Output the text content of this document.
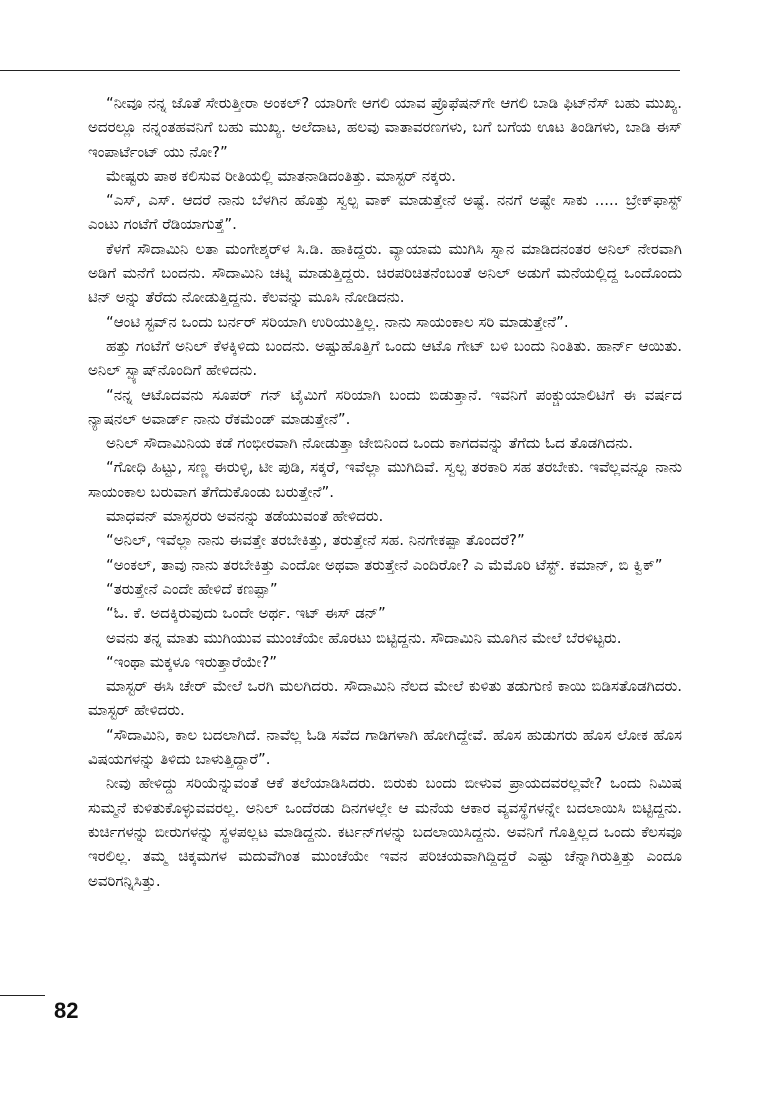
“ನೀವೂ ನನ್ನ ಜೊತೆ ಸೇರುತ್ತೀರಾ ಅಂಕಲ್? ಯಾರಿಗೇ ಆಗಲಿ ಯಾವ ಪ್ರೊಫೆಷನ್‌ಗೇ ಆಗಲಿ ಬಾಡಿ ಫಿಟ್‌ನೆಸ್ ಬಹು ಮುಖ್ಯ. ಅದರಲ್ಲೂ ನನ್ನಂತಹವನಿಗೆ ಬಹು ಮುಖ್ಯ. ಅಲೆದಾಟ, ಹಲವು ವಾತಾವರಣಗಳು, ಬಗೆ ಬಗೆಯ ಊಟ ತಿಂಡಿಗಳು, ಬಾಡಿ ಈಸ್ ಇಂಪಾರ್ಟೆಂಟ್ ಯು ನೋ?”

ಮೇಷ್ಟರು ಪಾಠ ಕಲಿಸುವ ರೀತಿಯಲ್ಲಿ ಮಾತನಾಡಿದಂತಿತ್ತು. ಮಾಸ್ಟರ್ ನಕ್ಕರು.

“ಎಸ್, ಎಸ್. ಆದರೆ ನಾನು ಬೆಳಗಿನ ಹೊತ್ತು ಸ್ವಲ್ಪ ವಾಕ್ ಮಾಡುತ್ತೇನೆ ಅಷ್ಟೆ. ನನಗೆ ಅಷ್ಟೇ ಸಾಕು ..... ಬ್ರೇಕ್‌ಫಾಸ್ಟ್ ಎಂಟು ಗಂಟೆಗೆ ರೆಡಿಯಾಗುತ್ತೆ”.

ಕೆಳಗೆ ಸೌದಾಮಿನಿ ಲತಾ ಮಂಗೇಶ್ಕರ್‌ಳ ಸಿ.ಡಿ. ಹಾಕಿದ್ದರು. ವ್ಯಾಯಾಮ ಮುಗಿಸಿ ಸ್ನಾನ ಮಾಡಿದನಂತರ ಅನಿಲ್ ನೇರವಾಗಿ ಅಡಿಗೆ ಮನೆಗೆ ಬಂದನು. ಸೌದಾಮಿನಿ ಚಟ್ನಿ ಮಾಡುತ್ತಿದ್ದರು. ಚಿರಪರಿಚಿತನೆಂಬಂತೆ ಅನಿಲ್ ಅಡುಗೆ ಮನೆಯಲ್ಲಿದ್ದ ಒಂದೊಂದು ಟಿನ್ ಅನ್ನು ತೆರೆದು ನೋಡುತ್ತಿದ್ದನು. ಕೆಲವನ್ನು ಮೂಸಿ ನೋಡಿದನು.

“ಆಂಟಿ ಸ್ಟವ್‌ನ ಒಂದು ಬರ್ನರ್ ಸರಿಯಾಗಿ ಉರಿಯುತ್ತಿಲ್ಲ. ನಾನು ಸಾಯಂಕಾಲ ಸರಿ ಮಾಡುತ್ತೇನೆ”.

ಹತ್ತು ಗಂಟೆಗೆ ಅನಿಲ್ ಕೆಳಕ್ಕಿಳಿದು ಬಂದನು. ಅಷ್ಟುಹೊತ್ತಿಗೆ ಒಂದು ಆಟೊ ಗೇಟ್ ಬಳಿ ಬಂದು ನಿಂತಿತು. ಹಾರ್ನ್ ಆಯಿತು. ಅನಿಲ್ ಸ್ಪ್ಯಾಷ್‌ನೊಂದಿಗೆ ಹೇಳಿದನು.

“ನನ್ನ ಆಟೊದವನು ಸೂಪರ್ ಗನ್ ಟೈಮಿಗೆ ಸರಿಯಾಗಿ ಬಂದು ಬಿಡುತ್ತಾನೆ. ಇವನಿಗೆ ಪಂಕ್ಚುಯಾಲಿಟಿಗೆ ಈ ವರ್ಷದ ನ್ಯಾಷನಲ್ ಅವಾರ್ಡ್ ನಾನು ರೆಕಮೆಂಡ್ ಮಾಡುತ್ತೇನೆ”.

ಅನಿಲ್ ಸೌದಾಮಿನಿಯ ಕಡೆ ಗಂಭೀರವಾಗಿ ನೋಡುತ್ತಾ ಜೇಬಿನಿಂದ ಒಂದು ಕಾಗದವನ್ನು ತೆಗೆದು ಓದ ತೊಡಗಿದನು.

“ಗೋಧಿ ಹಿಟ್ಟು, ಸಣ್ಣ ಈರುಳ್ಳಿ, ಟೀ ಪುಡಿ, ಸಕ್ಕರೆ, ಇವೆಲ್ಲಾ ಮುಗಿದಿವೆ. ಸ್ವಲ್ಪ ತರಕಾರಿ ಸಹ ತರಬೇಕು. ಇವೆಲ್ಲವನ್ನೂ ನಾನು ಸಾಯಂಕಾಲ ಬರುವಾಗ ತೆಗೆದುಕೊಂಡು ಬರುತ್ತೇನೆ”.

ಮಾಧವನ್ ಮಾಸ್ಟರರು ಅವನನ್ನು ತಡೆಯುವಂತೆ ಹೇಳಿದರು.

“ಅನಿಲ್, ಇವೆಲ್ಲಾ ನಾನು ಈವತ್ತೇ ತರಬೇಕಿತ್ತು, ತರುತ್ತೇನೆ ಸಹ. ನಿನಗೇಕಪ್ಪಾ ತೊಂದರೆ?”

“ಅಂಕಲ್, ತಾವು ನಾನು ತರಬೇಕಿತ್ತು ಎಂದೋ ಅಥವಾ ತರುತ್ತೇನೆ ಎಂದಿರೋ? ಎ ಮೆಮೊರಿ ಟೆಸ್ಟ್. ಕಮಾನ್, ಬಿ ಕ್ವಿಕ್”

“ತರುತ್ತೇನೆ ಎಂದೇ ಹೇಳಿದೆ ಕಣಪ್ಪಾ”

“ಓ. ಕೆ. ಅದಕ್ಕಿರುವುದು ಒಂದೇ ಅರ್ಥ. ಇಟ್ ಈಸ್ ಡನ್”

ಅವನು ತನ್ನ ಮಾತು ಮುಗಿಯುವ ಮುಂಚೆಯೇ ಹೊರಟು ಬಿಟ್ಟಿದ್ದನು. ಸೌದಾಮಿನಿ ಮೂಗಿನ ಮೇಲೆ ಬೆರಳಿಟ್ಟರು.

“ಇಂಥಾ ಮಕ್ಕಳೂ ಇರುತ್ತಾರೆಯೇ?”

ಮಾಸ್ಟರ್ ಈಸಿ ಚೇರ್ ಮೇಲೆ ಒರಗಿ ಮಲಗಿದರು. ಸೌದಾಮಿನಿ ನೆಲದ ಮೇಲೆ ಕುಳಿತು ತಡುಗುಣಿ ಕಾಯಿ ಬಿಡಿಸತೊಡಗಿದರು. ಮಾಸ್ಟರ್ ಹೇಳಿದರು.

“ಸೌದಾಮಿನಿ, ಕಾಲ ಬದಲಾಗಿದೆ. ನಾವೆಲ್ಲ ಓಡಿ ಸವೆದ ಗಾಡಿಗಳಾಗಿ ಹೋಗಿದ್ದೇವೆ. ಹೊಸ ಹುಡುಗರು ಹೊಸ ಲೋಕ ಹೊಸ ವಿಷಯಗಳನ್ನು ತಿಳಿದು ಬಾಳುತ್ತಿದ್ದಾರೆ”.

ನೀವು ಹೇಳಿದ್ದು ಸರಿಯೆನ್ನುವಂತೆ ಆಕೆ ತಲೆಯಾಡಿಸಿದರು. ಬಿರುಕು ಬಂದು ಬೀಳುವ ಪ್ರಾಯದವರಲ್ಲವೇ? ಒಂದು ನಿಮಿಷ ಸುಮ್ಮನೆ ಕುಳಿತುಕೊಳ್ಳುವವರಲ್ಲ. ಅನಿಲ್ ಒಂದೆರಡು ದಿನಗಳಲ್ಲೇ ಆ ಮನೆಯ ಆಕಾರ ವ್ಯವಸ್ಥೆಗಳನ್ನೇ ಬದಲಾಯಿಸಿ ಬಿಟ್ಟಿದ್ದನು. ಕುರ್ಚಿಗಳನ್ನು ಬೀರುಗಳನ್ನು ಸ್ಥಳಪಲ್ಲಟ ಮಾಡಿದ್ದನು. ಕರ್ಟನ್‌ಗಳನ್ನು ಬದಲಾಯಿಸಿದ್ದನು. ಅವನಿಗೆ ಗೊತ್ತಿಲ್ಲದ ಒಂದು ಕೆಲಸವೂ ಇರಲಿಲ್ಲ. ತಮ್ಮ ಚಿಕ್ಕಮಗಳ ಮದುವೆಗಿಂತ ಮುಂಚೆಯೇ ಇವನ ಪರಿಚಯವಾಗಿದ್ದಿದ್ದರೆ ಎಷ್ಟು ಚೆನ್ನಾಗಿರುತ್ತಿತ್ತು ಎಂದೂ ಅವರಿಗನ್ನಿಸಿತ್ತು.

82
